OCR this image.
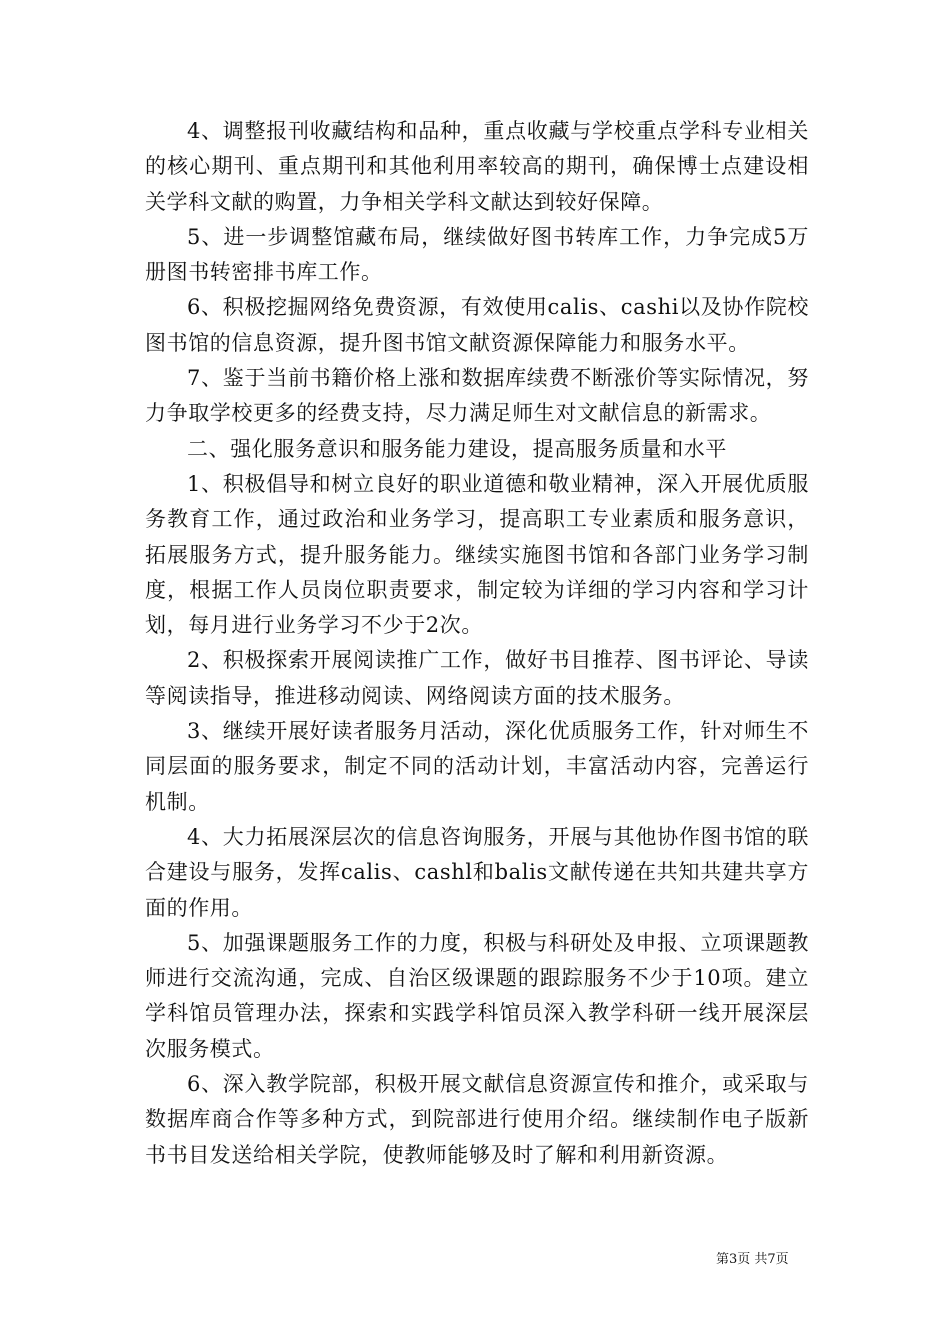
4、调整报刊收藏结构和品种，重点收藏与学校重点学科专业相关的核心期刊、重点期刊和其他利用率较高的期刊，确保博士点建设相关学科文献的购置，力争相关学科文献达到较好保障。

5、进一步调整馆藏布局，继续做好图书转库工作，力争完成5万册图书转密排书库工作。

6、积极挖掘网络免费资源，有效使用calis、cashi以及协作院校图书馆的信息资源，提升图书馆文献资源保障能力和服务水平。

7、鉴于当前书籍价格上涨和数据库续费不断涨价等实际情况，努力争取学校更多的经费支持，尽力满足师生对文献信息的新需求。

二、强化服务意识和服务能力建设，提高服务质量和水平

1、积极倡导和树立良好的职业道德和敬业精神，深入开展优质服务教育工作，通过政治和业务学习，提高职工专业素质和服务意识，拓展服务方式，提升服务能力。继续实施图书馆和各部门业务学习制度，根据工作人员岗位职责要求，制定较为详细的学习内容和学习计划，每月进行业务学习不少于2次。

2、积极探索开展阅读推广工作，做好书目推荐、图书评论、导读等阅读指导，推进移动阅读、网络阅读方面的技术服务。

3、继续开展好读者服务月活动，深化优质服务工作，针对师生不同层面的服务要求，制定不同的活动计划，丰富活动内容，完善运行机制。

4、大力拓展深层次的信息咨询服务，开展与其他协作图书馆的联合建设与服务，发挥calis、cashl和balis文献传递在共知共建共享方面的作用。

5、加强课题服务工作的力度，积极与科研处及申报、立项课题教师进行交流沟通，完成、自治区级课题的跟踪服务不少于10项。建立学科馆员管理办法，探索和实践学科馆员深入教学科研一线开展深层次服务模式。

6、深入教学院部，积极开展文献信息资源宣传和推介，或采取与数据库商合作等多种方式，到院部进行使用介绍。继续制作电子版新书书目发送给相关学院，使教师能够及时了解和利用新资源。

第3页 共7页
